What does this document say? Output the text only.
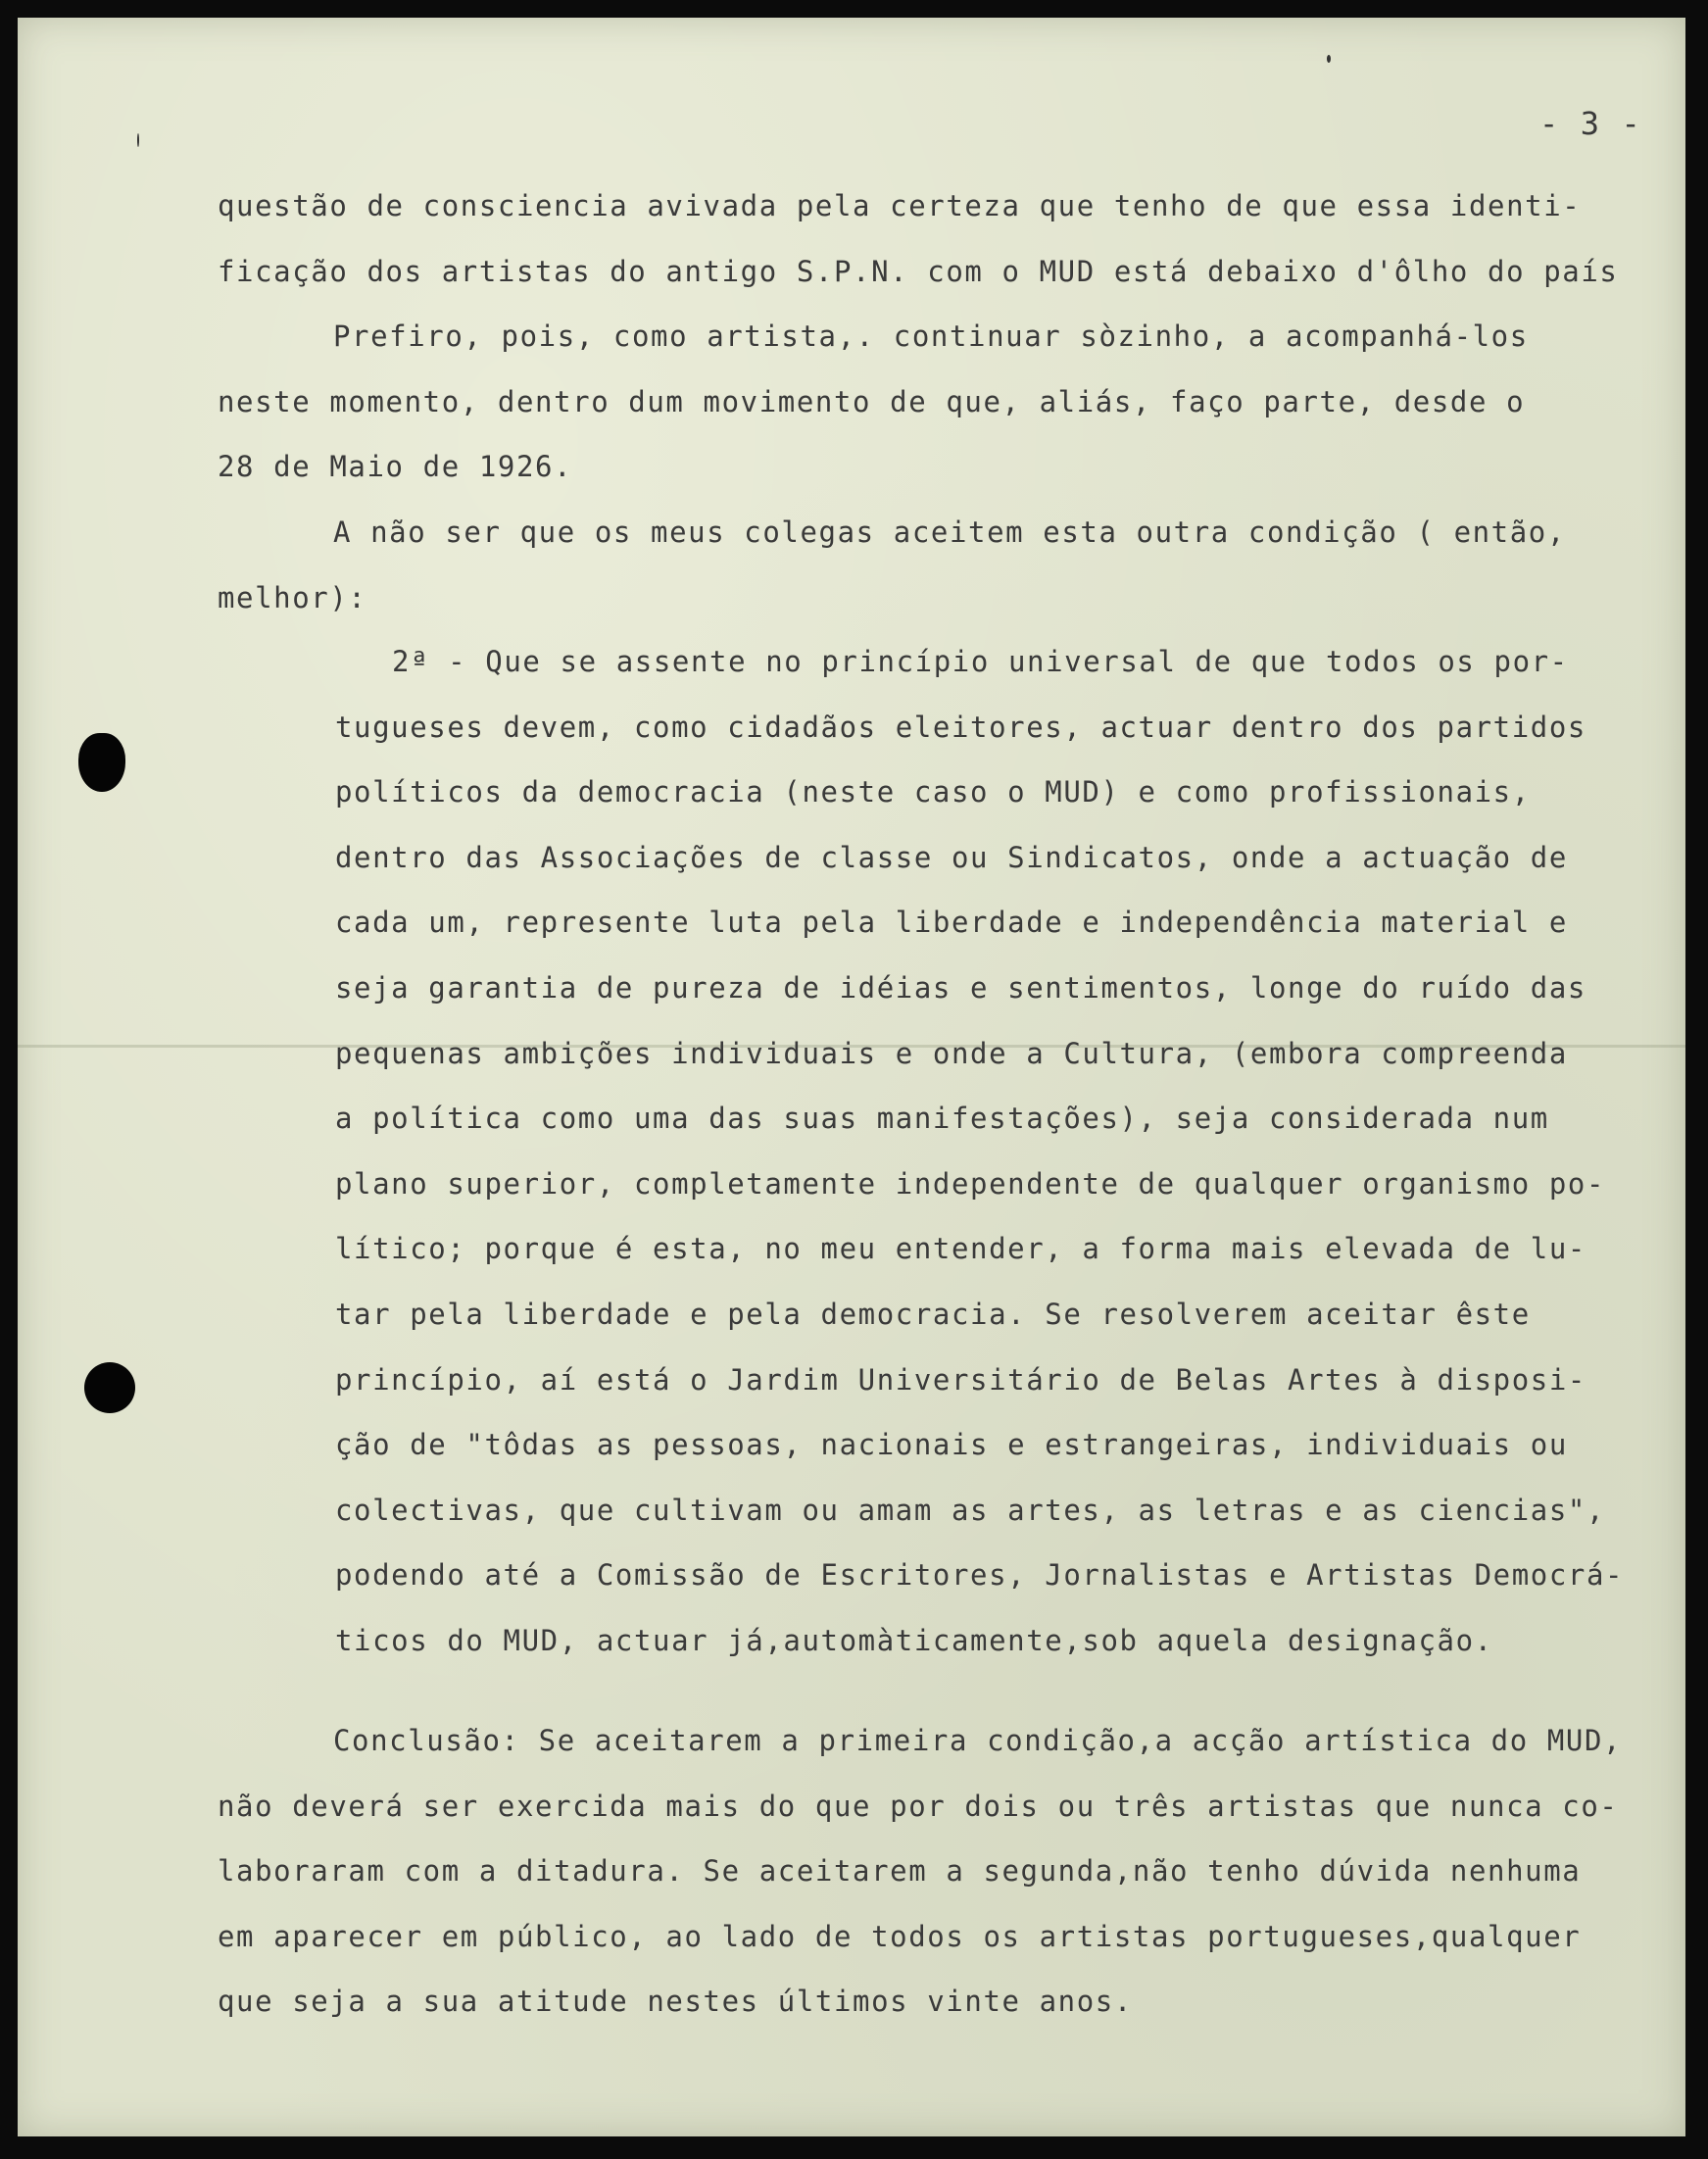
- 3 -
questão de consciencia avivada pela certeza que tenho de que essa identi-
ficação dos artistas do antigo S.P.N. com o MUD está debaixo d'ôlho do país
Prefiro, pois, como artista,. continuar sòzinho, a acompanhá-los
neste momento, dentro dum movimento de que, aliás, faço parte, desde o
28 de Maio de 1926.
A não ser que os meus colegas aceitem esta outra condição ( então,
melhor):
2ª - Que se assente no princípio universal de que todos os por-
tugueses devem, como cidadãos eleitores, actuar dentro dos partidos
políticos da democracia (neste caso o MUD) e como profissionais,
dentro das Associações de classe ou Sindicatos, onde a actuação de
cada um, represente luta pela liberdade e independência material e
seja garantia de pureza de idéias e sentimentos, longe do ruído das
pequenas ambições individuais e onde a Cultura, (embora compreenda
a política como uma das suas manifestações), seja considerada num
plano superior, completamente independente de qualquer organismo po-
lítico; porque é esta, no meu entender, a forma mais elevada de lu-
tar pela liberdade e pela democracia. Se resolverem aceitar êste
princípio, aí está o Jardim Universitário de Belas Artes à disposi-
ção de "tôdas as pessoas, nacionais e estrangeiras, individuais ou
colectivas, que cultivam ou amam as artes, as letras e as ciencias",
podendo até a Comissão de Escritores, Jornalistas e Artistas Democrá-
ticos do MUD, actuar já,automàticamente,sob aquela designação.
Conclusão: Se aceitarem a primeira condição,a acção artística do MUD,
não deverá ser exercida mais do que por dois ou três artistas que nunca co-
laboraram com a ditadura. Se aceitarem a segunda,não tenho dúvida nenhuma
em aparecer em público, ao lado de todos os artistas portugueses,qualquer
que seja a sua atitude nestes últimos vinte anos.
